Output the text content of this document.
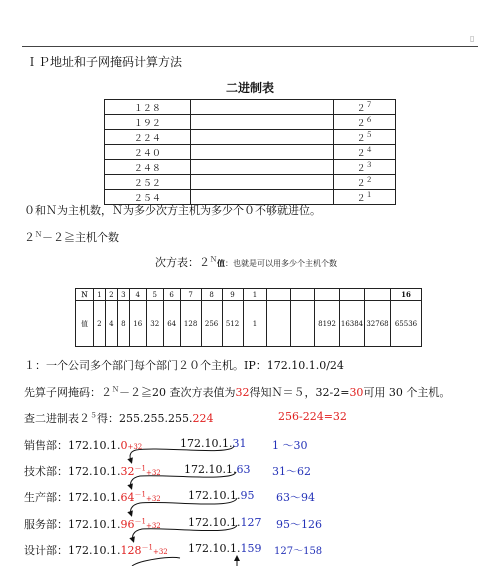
▯
ＩＰ地址和子网掩码计算方法
二进制表
１２８		$2^7$
１９２		$2^6$
２２４		$2^5$
２４０		$2^4$
２４８		$2^3$
２５２		$2^2$
２５４		$2^1$
０和Ｎ为主机数，Ｎ为多少次方主机为多少个０不够就进位。
$2^N-2≧$主机个数
次方表：$2^N$值：也就是可以用多少个主机个数
Ｎ	1	2	3	4	5	6	7	8	9	1						16
值	2	4	8	16	32	64	128	256	512	1			8192	16384	32768	65536
１：一个公司多个部门每个部门２０个主机。IP：172.10.1.0/24
先算子网掩码：$2^N-2≧20$ 查次方表值为32得知Ｎ＝５，32-2=30可用 30 个主机。
查二进制表$2^5$得：255.255.255.224	256-224=32
销售部：172.10.1.0+32	172.10.1.31 1 ～30
技术部：$172.10.1.32^{-1}+32$ 172.10.1.63 31～62
生产部：$172.10.1.64^{-1}+32$ 172.10.1.95 63～94
服务部：$172.10.1.96^{-1}+32$ 172.10.1.127 95～126
设计部：$172.10.1.128^{-1}+32$ 172.10.1.159 127～158
